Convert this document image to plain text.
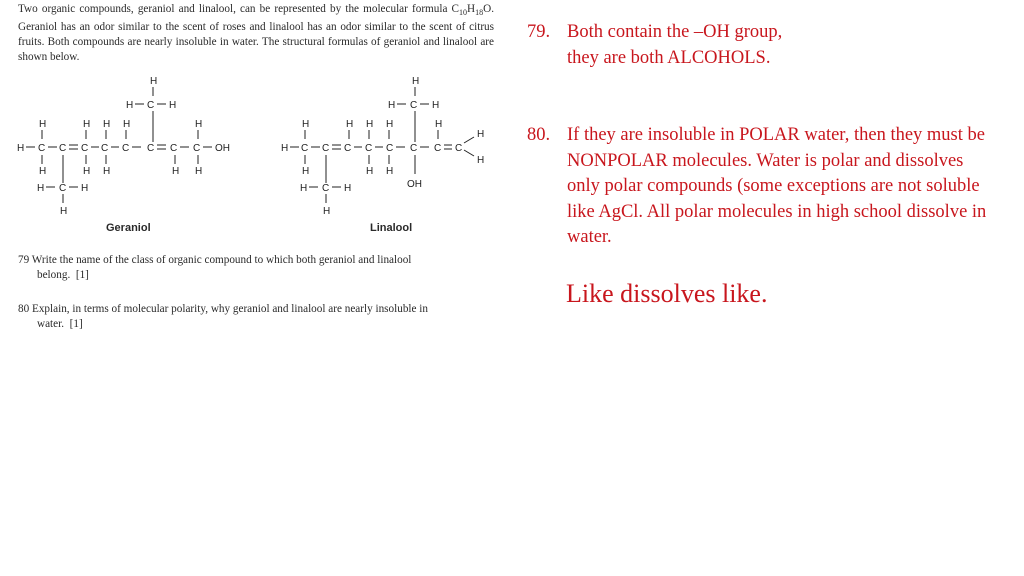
Two organic compounds, geraniol and linalool, can be represented by the molecular formula $C_{10}H_{18}O$. Geraniol has an odor similar to the scent of roses and linalool has an odor similar to the scent of citrus fruits. Both compounds are nearly insoluble in water. The structural formulas of geraniol and linalool are shown below.
H
H C H
H	H H H	H
H C C C C C C C C OH
H	H H	H H
H C H
H
Geraniol
H
H C H
H	H H H	H
H C C C C C C C C
H
H
H	H H
OH
H C H
H
Linalool
79 Write the name of the class of organic compound to which both geraniol and linalool
belong. [1]
80 Explain, in terms of molecular polarity, why geraniol and linalool are nearly insoluble in
water. [1]
79. Both contain the –OH group,
they are both ALCOHOLS.
80. If they are insoluble in POLAR water, then they must be NONPOLAR molecules. Water is polar and dissolves only polar compounds (some exceptions are not soluble like AgCl. All polar molecules in high school dissolve in water.
Like dissolves like.
